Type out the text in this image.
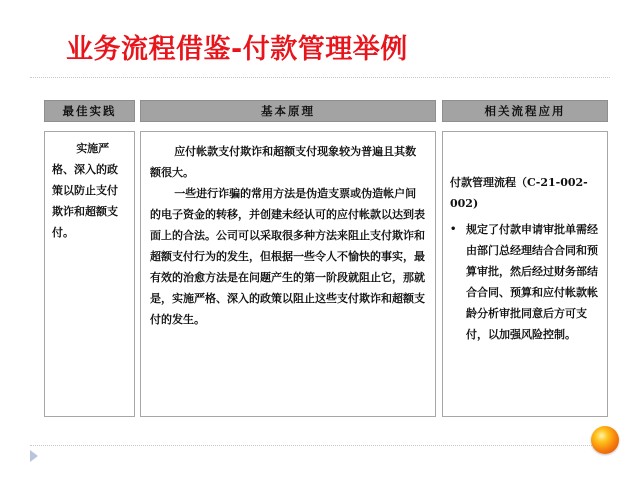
业务流程借鉴-付款管理举例
最佳实践	基本原理	相关流程应用

实施严格、深入的政策以防止支付欺诈和超额支付。

应付帐款支付欺诈和超额支付现象较为普遍且其数额很大。

一些进行诈骗的常用方法是伪造支票或伪造帐户间的电子资金的转移，并创建未经认可的应付帐款以达到表面上的合法。公司可以采取很多种方法来阻止支付欺诈和超额支付行为的发生，但根据一些令人不愉快的事实，最有效的治愈方法是在问题产生的第一阶段就阻止它，那就是，实施严格、深入的政策以阻止这些支付欺诈和超额支付的发生。

付款管理流程（C-21-002-002)

• 规定了付款申请审批单需经由部门总经理结合合同和预算审批，然后经过财务部结合合同、预算和应付帐款帐龄分析审批同意后方可支付，以加强风险控制。
